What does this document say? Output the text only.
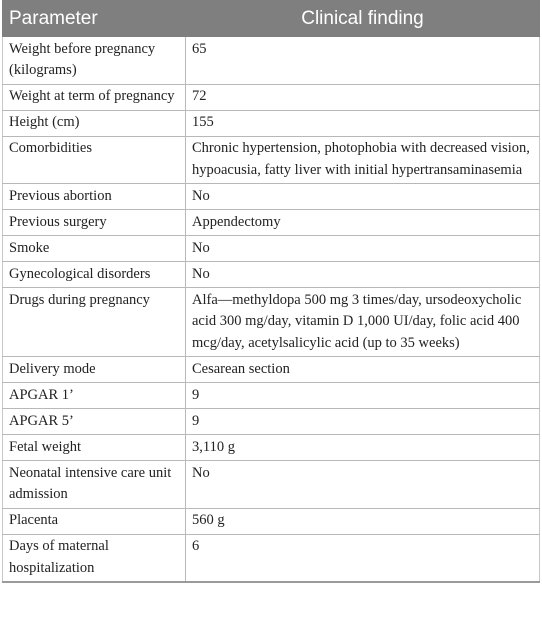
Parameter	Clinical finding
Weight before pregnancy (kilograms)	65
Weight at term of pregnancy	72
Height (cm)	155
Comorbidities	Chronic hypertension, photophobia with decreased vision, hypoacusia, fatty liver with initial hypertransaminasemia
Previous abortion	No
Previous surgery	Appendectomy
Smoke	No
Gynecological disorders	No
Drugs during pregnancy	Alfa—methyldopa 500 mg 3 times/day, ursodeoxycholic acid 300 mg/day, vitamin D 1,000 UI/day, folic acid 400 mcg/day, acetylsalicylic acid (up to 35 weeks)
Delivery mode	Cesarean section
APGAR 1’	9
APGAR 5’	9
Fetal weight	3,110 g
Neonatal intensive care unit admission	No
Placenta	560 g
Days of maternal hospitalization	6
